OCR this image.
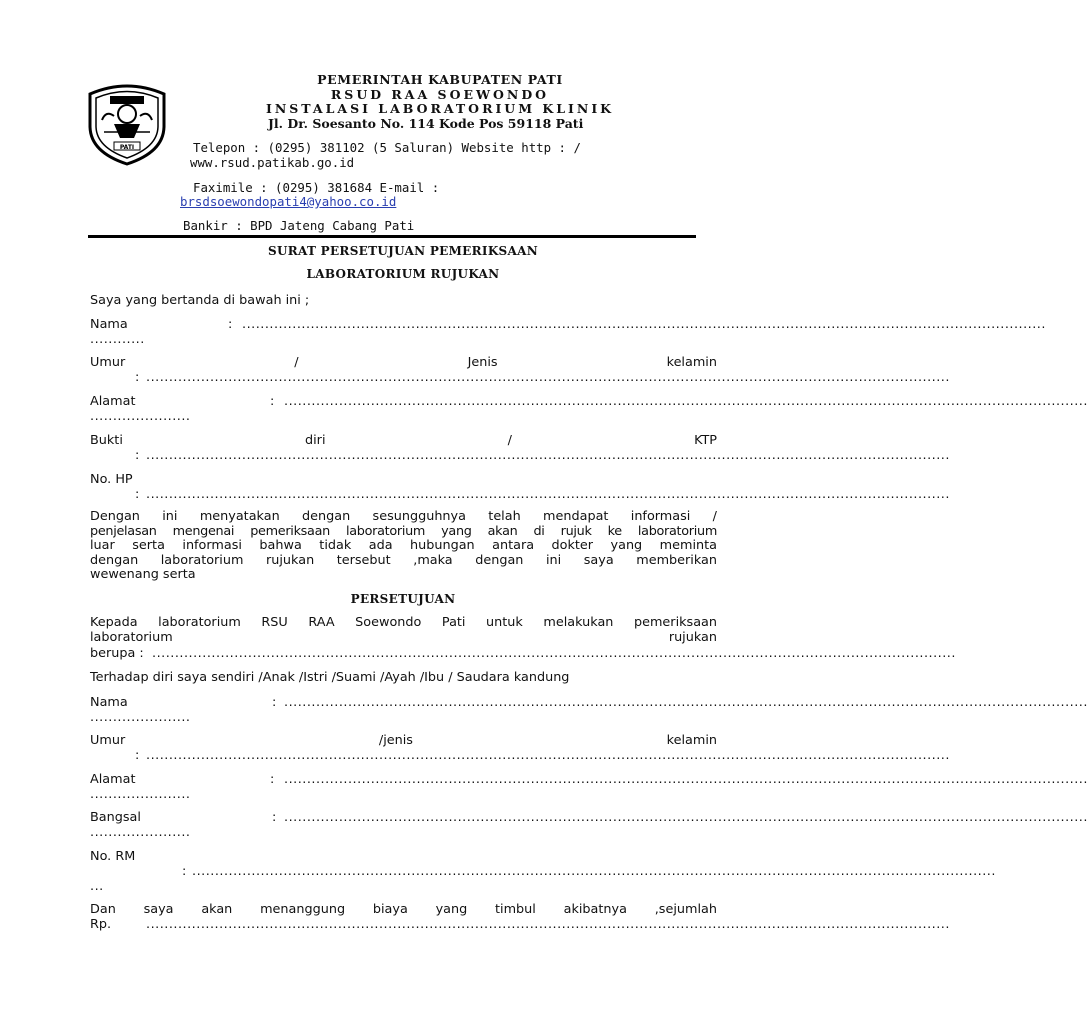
PATI
PEMERINTAH KABUPATEN PATI
RSUD RAA SOEWONDO
INSTALASI LABORATORIUM KLINIK
Jl. Dr. Soesanto No. 114 Kode Pos 59118 Pati
Telepon : (0295) 381102 (5 Saluran) Website http : /
www.rsud.patikab.go.id
Faximile : (0295) 381684 E-mail :
brsdsoewondopati4@yahoo.co.id
Bankir : BPD Jateng Cabang Pati
SURAT PERSETUJUAN PEMERIKSAAN
LABORATORIUM RUJUKAN
Saya yang bertanda di bawah ini ;
Nama	: ................................................................................................................................................................................
............
Umur	/	Jenis	kelamin
: ................................................................................................................................................................................
Alamat	: ................................................................................................................................................................................
......................
Bukti	diri	/	KTP
: ................................................................................................................................................................................
No. HP
: ................................................................................................................................................................................
Dengan ini menyatakan dengan sesungguhnya telah mendapat informasi /
penjelasan mengenai pemeriksaan laboratorium yang akan di rujuk ke laboratorium
luar serta informasi bahwa tidak ada hubungan antara dokter yang meminta
dengan laboratorium rujukan tersebut ,maka dengan ini saya memberikan
wewenang serta
PERSETUJUAN
Kepada laboratorium RSU RAA Soewondo Pati untuk melakukan pemeriksaan
laboratorium	rujukan
berupa : ................................................................................................................................................................................
Terhadap diri saya sendiri /Anak /Istri /Suami /Ayah /Ibu / Saudara kandung
Nama	: ................................................................................................................................................................................
......................
Umur	/jenis	kelamin
: ................................................................................................................................................................................
Alamat	: ................................................................................................................................................................................
......................
Bangsal	: ................................................................................................................................................................................
......................
No. RM
: ................................................................................................................................................................................
...
Dan saya akan menanggung biaya yang timbul akibatnya ,sejumlah
Rp.	................................................................................................................................................................................
